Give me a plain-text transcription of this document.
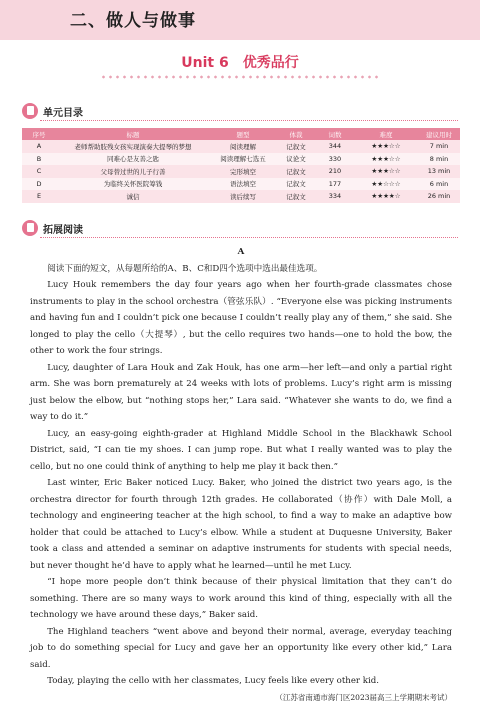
二、做人与做事
Unit 6　优秀品行
单元目录
序号	标题	题型	体裁	词数	难度	建议用时
A	老师帮助肢残女孩实现演奏大提琴的梦想	阅读理解	记叙文	344	★★★☆☆	7 min
B	同难心是友善之匙	阅读理解七选五	议论文	330	★★★☆☆	8 min
C	父母替过世的儿子行善	完形填空	记叙文	210	★★★☆☆	13 min
D	为临终关怀医院筹钱	语法填空	记叙文	177	★★☆☆☆	6 min
E	诚信	读后续写	记叙文	334	★★★★☆	26 min
拓展阅读

A

阅读下面的短文，从每题所给的A、B、C和D四个选项中选出最佳选项。

Lucy Houk remembers the day four years ago when her fourth-grade classmates chose instruments to play in the school orchestra（管弦乐队）. “Everyone else was picking instruments and having fun and I couldn’t pick one because I couldn’t really play any of them,” she said. She longed to play the cello（大提琴）, but the cello requires two hands—one to hold the bow, the other to work the four strings.

Lucy, daughter of Lara Houk and Zak Houk, has one arm—her left—and only a partial right arm. She was born prematurely at 24 weeks with lots of problems. Lucy’s right arm is missing just below the elbow, but “nothing stops her,” Lara said. “Whatever she wants to do, we find a way to do it.”

Lucy, an easy-going eighth-grader at Highland Middle School in the Blackhawk School District, said, “I can tie my shoes. I can jump rope. But what I really wanted was to play the cello, but no one could think of anything to help me play it back then.”

Last winter, Eric Baker noticed Lucy. Baker, who joined the district two years ago, is the orchestra director for fourth through 12th grades. He collaborated（协作）with Dale Moll, a technology and engineering teacher at the high school, to find a way to make an adaptive bow holder that could be attached to Lucy’s elbow. While a student at Duquesne University, Baker took a class and attended a seminar on adaptive instruments for students with special needs, but never thought he’d have to apply what he learned—until he met Lucy.

“I hope more people don’t think because of their physical limitation that they can’t do something. There are so many ways to work around this kind of thing, especially with all the technology we have around these days,” Baker said.

The Highland teachers “went above and beyond their normal, average, everyday teaching job to do something special for Lucy and gave her an opportunity like every other kid,” Lara said.

Today, playing the cello with her classmates, Lucy feels like every other kid.

（江苏省南通市海门区2023届高三上学期期末考试）
